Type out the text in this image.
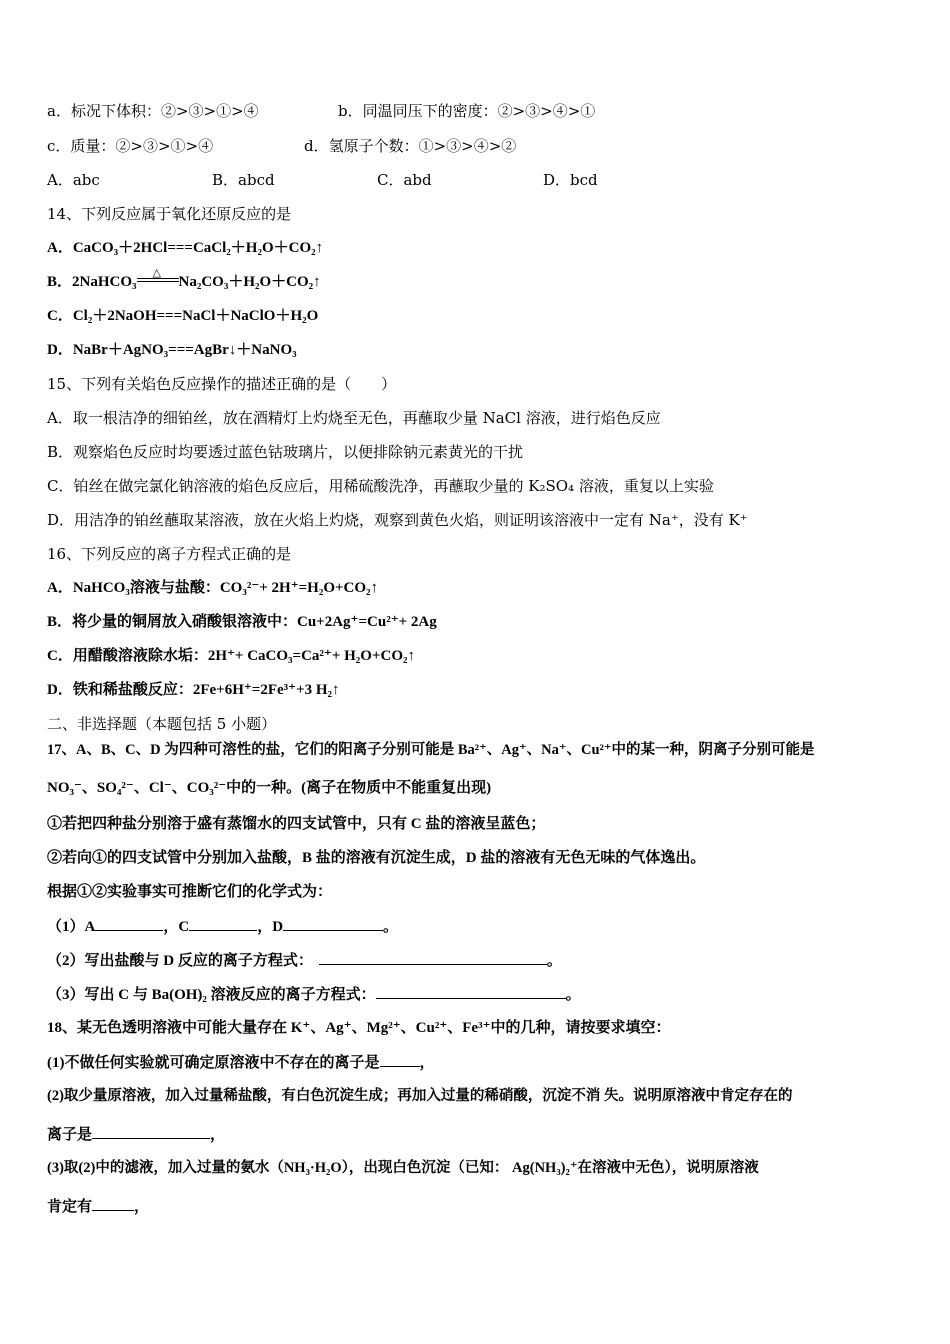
a．标况下体积：②>③>①>④	b．同温同压下的密度：②>③>④>①
c．质量：②>③>①>④	d．氢原子个数：①>③>④>②
A．abc	B．abcd	C．abd	D．bcd
14、下列反应属于氧化还原反应的是
A．CaCO₃＋2HCl===CaCl₂＋H₂O＋CO₂↑
B．2NaHCO₃
△
Na₂CO₃＋H₂O＋CO₂↑
C．Cl₂＋2NaOH===NaCl＋NaClO＋H₂O
D．NaBr＋AgNO₃===AgBr↓＋NaNO₃
15、下列有关焰色反应操作的描述正确的是（　　）
A．取一根洁净的细铂丝，放在酒精灯上灼烧至无色，再蘸取少量 NaCl 溶液，进行焰色反应
B．观察焰色反应时均要透过蓝色钴玻璃片，以便排除钠元素黄光的干扰
C．铂丝在做完氯化钠溶液的焰色反应后，用稀硫酸洗净，再蘸取少量的 K₂SO₄ 溶液，重复以上实验
D．用洁净的铂丝蘸取某溶液，放在火焰上灼烧，观察到黄色火焰，则证明该溶液中一定有 Na⁺，没有 K⁺
16、下列反应的离子方程式正确的是
A．NaHCO₃溶液与盐酸：CO₃²⁻+ 2H⁺=H₂O+CO₂↑
B．将少量的铜屑放入硝酸银溶液中：Cu+2Ag⁺=Cu²⁺+ 2Ag
C．用醋酸溶液除水垢：2H⁺+ CaCO₃=Ca²⁺+ H₂O+CO₂↑
D．铁和稀盐酸反应：2Fe+6H⁺=2Fe³⁺+3 H₂↑
二、非选择题（本题包括 5 小题）
17、A、B、C、D 为四种可溶性的盐，它们的阳离子分别可能是 Ba²⁺、Ag⁺、Na⁺、Cu²⁺中的某一种，阴离子分别可能是
NO₃⁻、SO₄²⁻、Cl⁻、CO₃²⁻中的一种。(离子在物质中不能重复出现)
①若把四种盐分别溶于盛有蒸馏水的四支试管中，只有 C 盐的溶液呈蓝色；
②若向①的四支试管中分别加入盐酸，B 盐的溶液有沉淀生成，D 盐的溶液有无色无味的气体逸出。
根据①②实验事实可推断它们的化学式为：
（1）A	，C	，D	。
（2）写出盐酸与 D 反应的离子方程式：	。
（3）写出 C 与 Ba(OH)₂ 溶液反应的离子方程式：	。
18、某无色透明溶液中可能大量存在 K⁺、Ag⁺、Mg²⁺、Cu²⁺、Fe³⁺中的几种，请按要求填空：
(1)不做任何实验就可确定原溶液中不存在的离子是	，
(2)取少量原溶液，加入过量稀盐酸，有白色沉淀生成；再加入过量的稀硝酸，沉淀不消 失。说明原溶液中肯定存在的
离子是	，
(3)取(2)中的滤液，加入过量的氨水（NH₃·H₂O），出现白色沉淀（已知： Ag(NH₃)₂⁺在溶液中无色），说明原溶液
肯定有	，
